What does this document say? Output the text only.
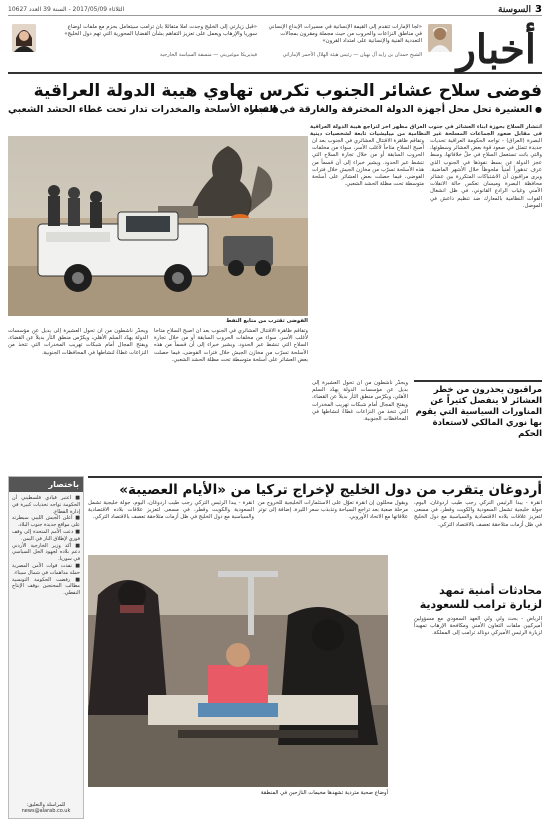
3
السوسنة
الثلاثاء 2017/05/09 - السنة 39 العدد 10627
أخبار
«لجأ الإمارات تتقدم إلى القيمة الإنسانية في مسيرات الإبداع الإنساني في مناطق النزاعات والحروب من حيث مجملة ومقرون بمجالات التعددية الفنية والإنسانية على امتداد القرون»
الشيخ حمدان بن زايد آل نهيان — رئيس هيئة الهلال الأحمر الإماراتي
«قبل زيارتي إلى الخليج وجدت أملاً متفائلاً بأن ترامب سيتعامل بحزم مع ملفات أوضاع سوريا والإرهاب ويعمل على تعزيز التفاهم بشأن القضايا المحورية التي تهم دول الخليج»
فيديريكا موغيريني — منسقة السياسة الخارجية
فوضى سلاح عشائر الجنوب تكرس تهاوي هيبة الدولة العراقية
● العشيرة تحل محل أجهزة الدولة المخترقة والغارقة في الفساد
● تجارة الأسلحة والمخدرات تدار تحت غطاء الحشد الشعبي
انتشار السلاح بحوزة أبناء العشائر في جنوب العراق مظهر آخر لتراجع هيبة الدولة العراقية في مقابل صعود الجماعات المسلحة غير النظامية من ميليشيات تابعة لشخصيات دينية
الفوضى تقترب من منابع النفط
البصرة (العراق) - تواجه الحكومة العراقية تحديات جديدة تتمثل في صعود قوة بعض العشائر وسطوتها، والتي باتت تستعمل السلاح في حلّ خلافاتها، وسط عجز الدولة عن بسط نفوذها في الجنوب الذي عرف تدهوراً أمنياً ملحوظاً خلال الأشهر الماضية. ويرى مراقبون أن الاشتباكات المتكررة بين عشائر محافظة البصرة وميسان تعكس حالة الانفلات الأمني وغياب الرادع القانوني، في ظل انشغال القوات النظامية بالمعارك ضد تنظيم داعش في الموصل.
وتفاقم ظاهرة الاقتتال العشائري في الجنوب بعد أن أصبح السلاح متاحاً لأغلب الأسر، سواء من مخلفات الحروب السابقة أو من خلال تجارة السلاح التي تنشط عبر الحدود. ويشير خبراء إلى أن قسماً من هذه الأسلحة تسرّب من مخازن الجيش خلال فترات الفوضى، فيما حصلت بعض العشائر على أسلحة متوسطة تحت مظلة الحشد الشعبي.
ويحذّر ناشطون من أن تحول العشيرة إلى بديل عن مؤسسات الدولة يهدّد السلم الأهلي، ويكرّس منطق الثأر بديلاً عن القضاء، ويفتح المجال أمام شبكات تهريب المخدرات التي تتخذ من النزاعات غطاءً لنشاطها في المحافظات الجنوبية.
وتفاقم ظاهرة الاقتتال العشائري في الجنوب بعد أن أصبح السلاح متاحاً لأغلب الأسر، سواء من مخلفات الحروب السابقة أو من خلال تجارة السلاح التي تنشط عبر الحدود. ويشير خبراء إلى أن قسماً من هذه الأسلحة تسرّب من مخازن الجيش خلال فترات الفوضى، فيما حصلت بعض العشائر على أسلحة متوسطة تحت مظلة الحشد الشعبي.
ويحذّر ناشطون من أن تحول العشيرة إلى بديل عن مؤسسات الدولة يهدّد السلم الأهلي، ويكرّس منطق الثأر بديلاً عن القضاء، ويفتح المجال أمام شبكات تهريب المخدرات التي تتخذ من النزاعات غطاءً لنشاطها في المحافظات الجنوبية.
مراقبون يحذرون من خطر العشائر لا ينفصل كثيراً عن المناورات السياسية التي يقوم بها نوري المالكي لاستعادة الحكم
أردوغان يتقرب من دول الخليج لإخراج تركيا من «الأيام العصيبة»
أنقرة - يبدأ الرئيس التركي رجب طيب أردوغان، اليوم، جولة خليجية تشمل السعودية والكويت وقطر، في مسعى لتعزيز علاقات بلاده الاقتصادية والسياسية مع دول الخليج في ظل أزمات متلاحقة تعصف بالاقتصاد التركي.
ويقول محللون إن أنقرة تعوّل على الاستثمارات الخليجية للخروج من مرحلة صعبة بعد تراجع السياحة وتذبذب سعر الليرة، إضافة إلى توتر علاقاتها مع الاتحاد الأوروبي.
أنقرة - يبدأ الرئيس التركي رجب طيب أردوغان، اليوم، جولة خليجية تشمل السعودية والكويت وقطر، في مسعى لتعزيز علاقات بلاده الاقتصادية والسياسية مع دول الخليج في ظل أزمات متلاحقة تعصف بالاقتصاد التركي.
أوضاع صحية متردية تشهدها مخيمات النازحين في المنطقة
محادثات أمنية تمهد لزيارة ترامب للسعودية
الرياض - بحث ولي ولي العهد السعودي مع مسؤولين أميركيين ملفات التعاون الأمني ومكافحة الإرهاب تمهيداً لزيارة الرئيس الأميركي دونالد ترامب إلى المملكة.
باختصار
■ اعتبر قيادي فلسطيني أن الحكومة تواجه تحديات كبيرة في إدارة القطاع.
■ أعلن الجيش الليبي سيطرته على مواقع جديدة جنوب البلاد.
■ دعت الأمم المتحدة إلى وقف فوري لإطلاق النار في اليمن.
■ أكد وزير الخارجية الأردني دعم بلاده لجهود الحل السياسي في سوريا.
■ نفذت قوات الأمن المصرية حملة مداهمات في شمال سيناء.
■ رفضت الحكومة التونسية مطالب المحتجين بوقف الإنتاج النفطي.
للمراسلة والتعليق: news@alarab.co.uk
